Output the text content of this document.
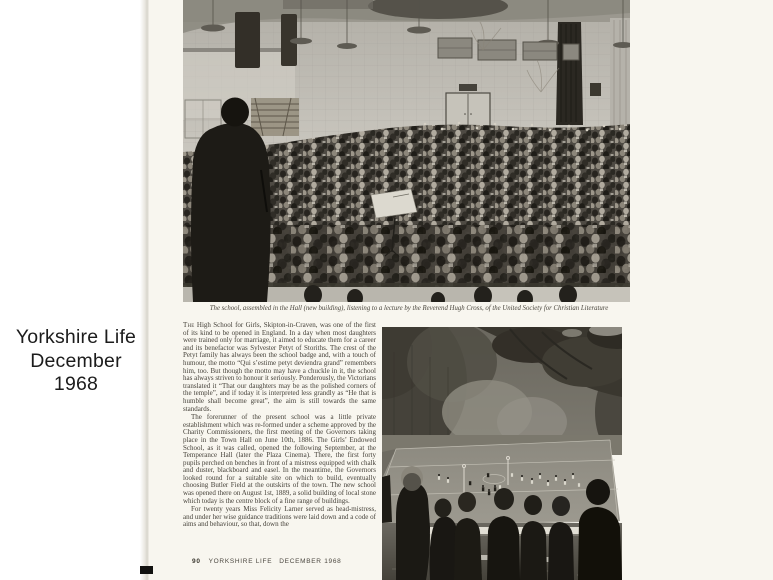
Yorkshire Life
December
1968
The school, assembled in the Hall (new building), listening to a lecture by the Reverend Hugh Cross, of the United Society for Christian Literature

The High School for Girls, Skipton-in-Craven, was one of the first of its kind to be opened in England. In a day when most daughters were trained only for marriage, it aimed to educate them for a career and its benefactor was Sylvester Petyt of Storiths. The crest of the Petyt family has always been the school badge and, with a touch of humour, the motto “Qui s’estime petyt deviendra grand” remembers him, too. But though the motto may have a chuckle in it, the school has always striven to honour it seriously. Ponderously, the Victorians translated it “That our daughters may be as the polished corners of the temple”, and if today it is interpreted less grandly as “He that is humble shall become great”, the aim is still towards the same standards.

The forerunner of the present school was a little private establishment which was re-formed under a scheme approved by the Charity Commissioners, the first meeting of the Governors taking place in the Town Hall on June 10th, 1886. The Girls’ Endowed School, as it was called, opened the following September, at the Temperance Hall (later the Plaza Cinema). There, the first forty pupils perched on benches in front of a mistress equipped with chalk and duster, blackboard and easel. In the meantime, the Governors looked round for a suitable site on which to build, eventually choosing Butler Field at the outskirts of the town. The new school was opened there on August 1st, 1889, a solid building of local stone which today is the centre block of a fine range of buildings.

For twenty years Miss Felicity Larner served as head-mistress, and under her wise guidance traditions were laid down and a code of aims and behaviour, so that, down the

90 YORKSHIRE LIFE DECEMBER 1968
